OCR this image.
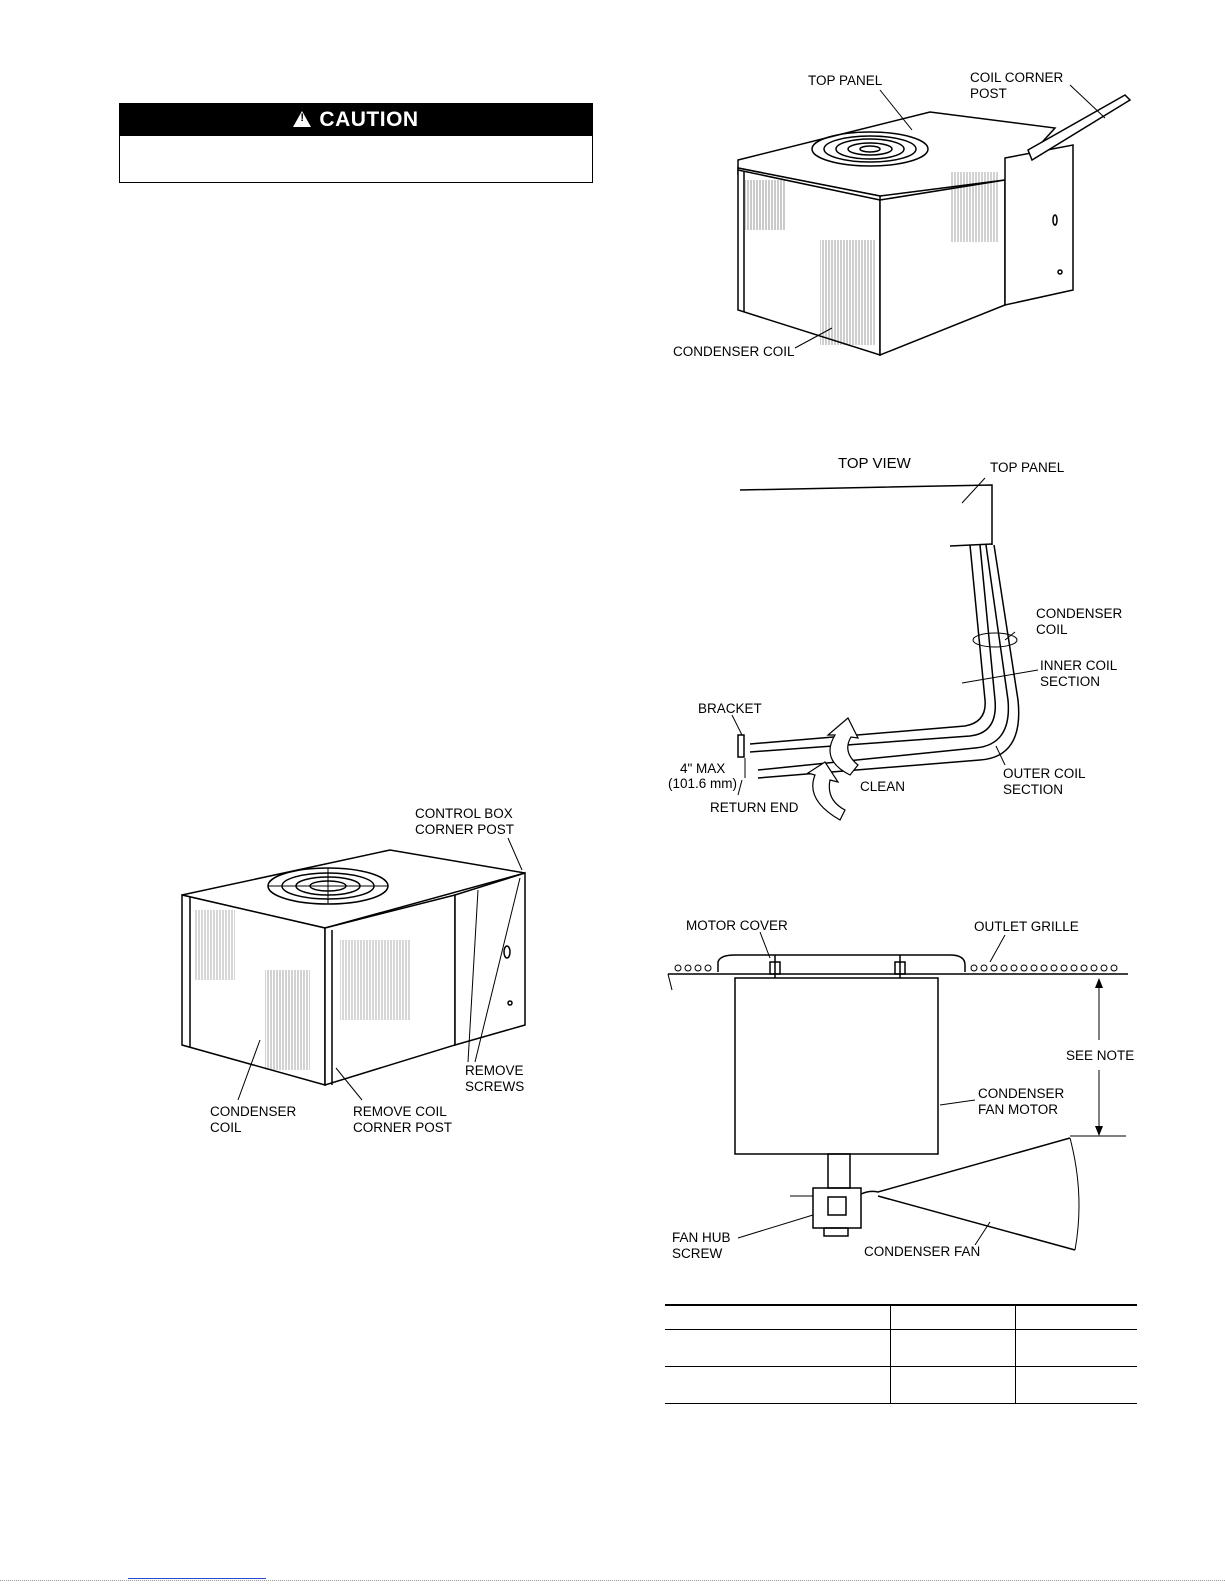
!CAUTION
TOP PANEL	COIL CORNER
POST
CONDENSER COIL
TOP VIEW	TOP PANEL
CONDENSER
COIL
INNER COIL
SECTION
BRACKET
4" MAX
(101.6 mm)	CLEAN
OUTER COIL
SECTION
RETURN END
CONTROL BOX
CORNER POST
REMOVE
SCREWS
CONDENSER
COIL
REMOVE COIL
CORNER POST
MOTOR COVER	OUTLET GRILLE
SEE NOTE
CONDENSER
FAN MOTOR
FAN HUB
SCREW	CONDENSER FAN
